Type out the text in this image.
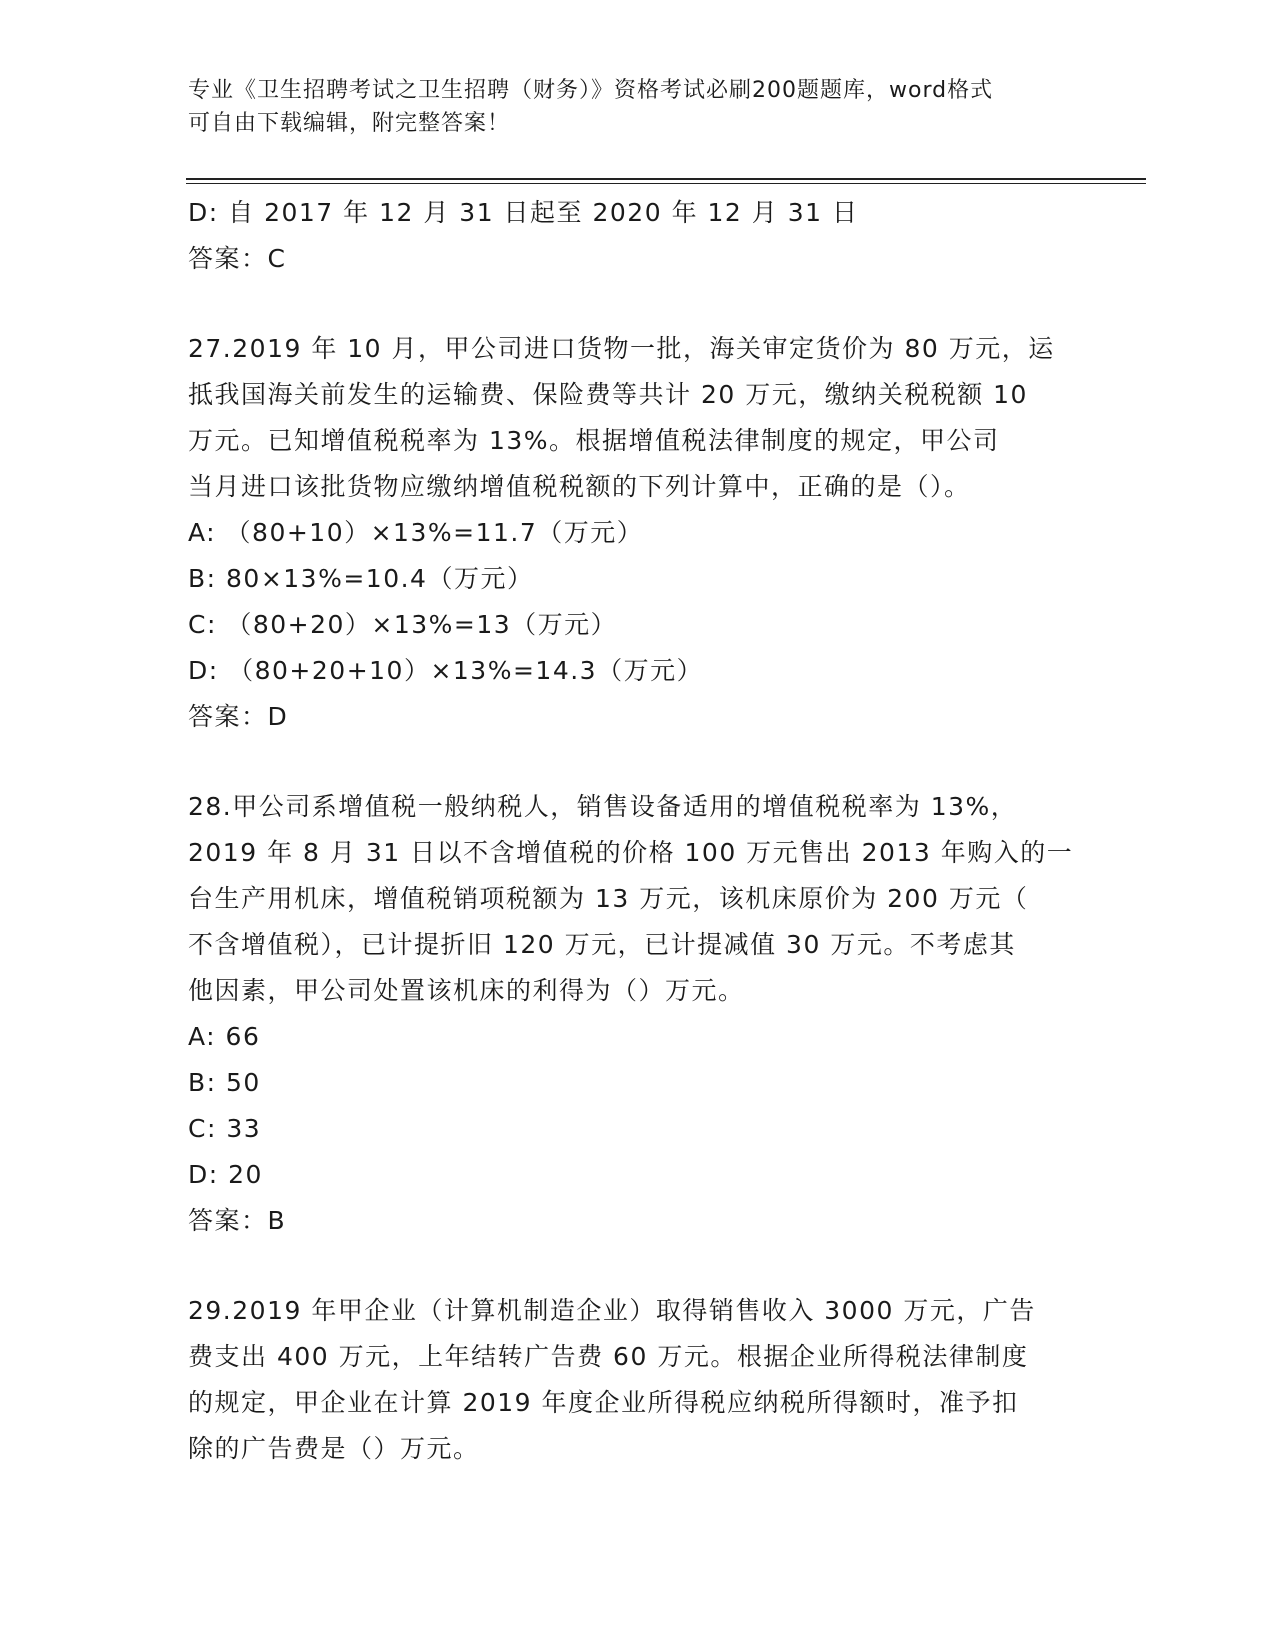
专业《卫生招聘考试之卫生招聘（财务）》资格考试必刷200题题库，word格式
可自由下载编辑，附完整答案！
D: 自 2017 年 12 月 31 日起至 2020 年 12 月 31 日
答案：C
27.2019 年 10 月，甲公司进口货物一批，海关审定货价为 80 万元，运
抵我国海关前发生的运输费、保险费等共计 20 万元，缴纳关税税额 10
万元。已知增值税税率为 13%。根据增值税法律制度的规定，甲公司
当月进口该批货物应缴纳增值税税额的下列计算中，正确的是（）。
A: （80+10）×13%=11.7（万元）
B: 80×13%=10.4（万元）
C: （80+20）×13%=13（万元）
D: （80+20+10）×13%=14.3（万元）
答案：D
28.甲公司系增值税一般纳税人，销售设备适用的增值税税率为 13%，
2019 年 8 月 31 日以不含增值税的价格 100 万元售出 2013 年购入的一
台生产用机床，增值税销项税额为 13 万元，该机床原价为 200 万元（
不含增值税），已计提折旧 120 万元，已计提减值 30 万元。不考虑其
他因素，甲公司处置该机床的利得为（）万元。
A: 66
B: 50
C: 33
D: 20
答案：B
29.2019 年甲企业（计算机制造企业）取得销售收入 3000 万元，广告
费支出 400 万元，上年结转广告费 60 万元。根据企业所得税法律制度
的规定，甲企业在计算 2019 年度企业所得税应纳税所得额时，准予扣
除的广告费是（）万元。
